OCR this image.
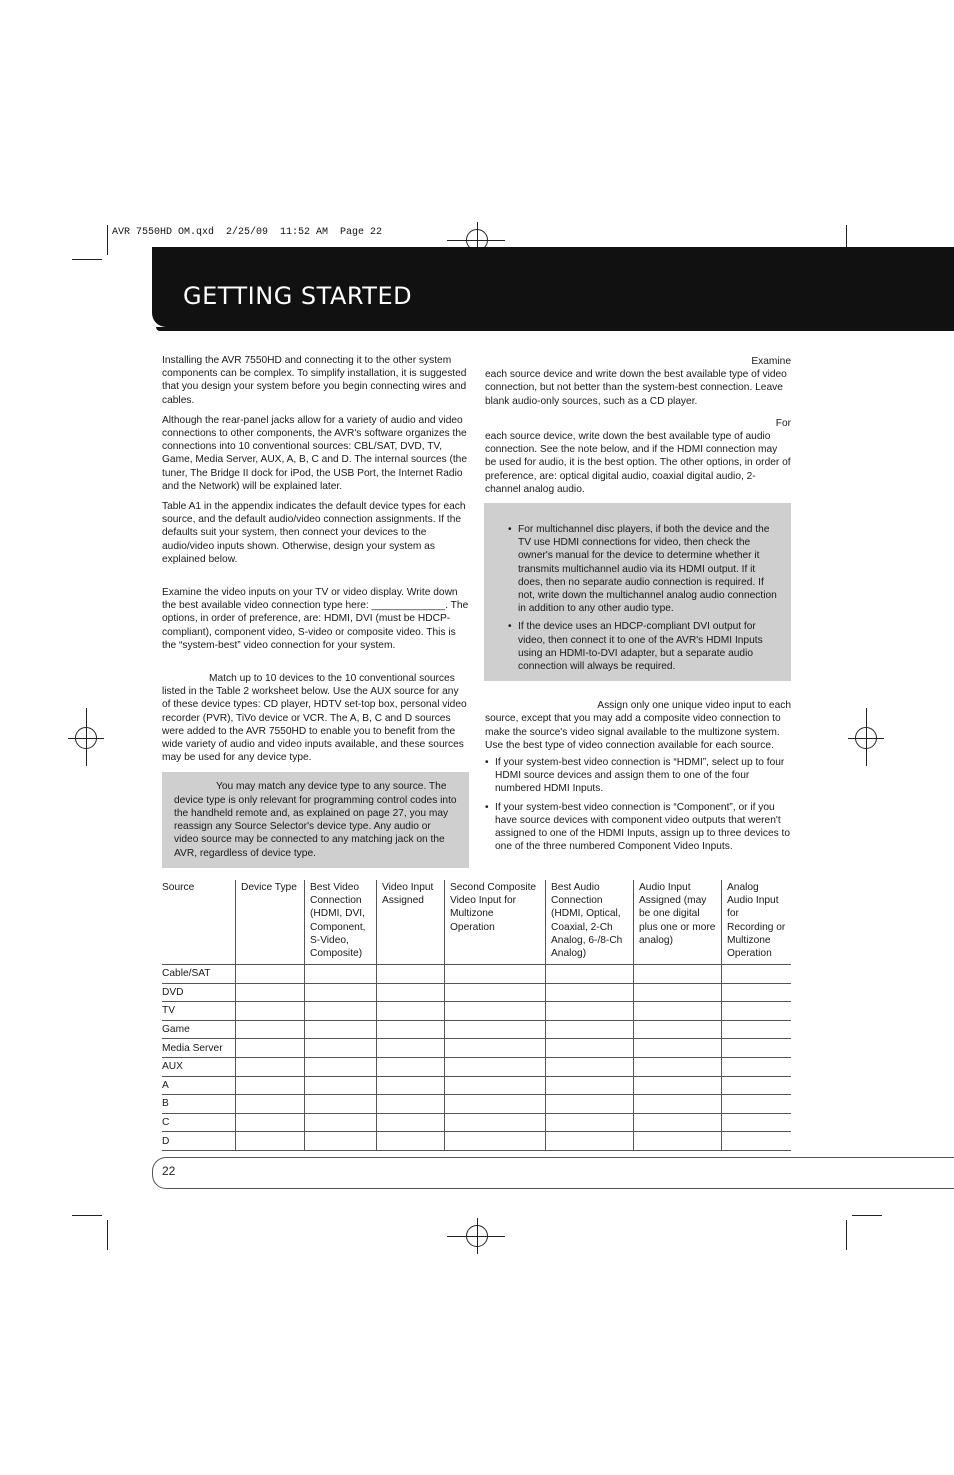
AVR 7550HD OM.qxd  2/25/09  11:52 AM  Page 22
GETTING STARTED

Installing the AVR 7550HD and connecting it to the other system components can be complex. To simplify installation, it is suggested that you design your system before you begin connecting wires and cables.

Although the rear-panel jacks allow for a variety of audio and video connections to other components, the AVR's software organizes the connections into 10 conventional sources: CBL/SAT, DVD, TV, Game, Media Server, AUX, A, B, C and D. The internal sources (the tuner, The Bridge II dock for iPod, the USB Port, the Internet Radio and the Network) will be explained later.

Table A1 in the appendix indicates the default device types for each source, and the default audio/video connection assignments. If the defaults suit your system, then connect your devices to the audio/video inputs shown. Otherwise, design your system as explained below.

Examine the video inputs on your TV or video display. Write down the best available video connection type here: _____________. The options, in order of preference, are: HDMI, DVI (must be HDCP-compliant), component video, S-video or composite video. This is the “system-best” video connection for your system.

Match up to 10 devices to the 10 conventional sources listed in the Table 2 worksheet below. Use the AUX source for any of these device types: CD player, HDTV set-top box, personal video recorder (PVR), TiVo device or VCR. The A, B, C and D sources were added to the AVR 7550HD to enable you to benefit from the wide variety of audio and video inputs available, and these sources may be used for any device type.

You may match any device type to any source. The device type is only relevant for programming control codes into the handheld remote and, as explained on page 27, you may reassign any Source Selector's device type. Any audio or video source may be connected to any matching jack on the AVR, regardless of device type.

Examine

each source device and write down the best available type of video connection, but not better than the system-best connection. Leave blank audio-only sources, such as a CD player.

For

each source device, write down the best available type of audio connection. See the note below, and if the HDMI connection may be used for audio, it is the best option. The other options, in order of preference, are: optical digital audio, coaxial digital audio, 2-channel analog audio.

• For multichannel disc players, if both the device and the TV use HDMI connections for video, then check the owner's manual for the device to determine whether it transmits multichannel audio via its HDMI output. If it does, then no separate audio connection is required. If not, write down the multichannel analog audio connection in addition to any other audio type.
• If the device uses an HDCP-compliant DVI output for video, then connect it to one of the AVR's HDMI Inputs using an HDMI-to-DVI adapter, but a separate audio connection will always be required.

Assign only one unique video input to each

source, except that you may add a composite video connection to make the source's video signal available to the multizone system. Use the best type of video connection available for each source.

• If your system-best video connection is “HDMI”, select up to four HDMI source devices and assign them to one of the four numbered HDMI Inputs.
• If your system-best video connection is “Component”, or if you have source devices with component video outputs that weren't assigned to one of the HDMI Inputs, assign up to three devices to one of the three numbered Component Video Inputs.
Source	Device Type	Best Video Connection (HDMI, DVI, Component, S-Video, Composite)	Video Input Assigned	Second Composite Video Input for Multizone Operation	Best Audio Connection (HDMI, Optical, Coaxial, 2-Ch Analog, 6-/8-Ch Analog)	Audio Input Assigned (may be one digital plus one or more analog)	Analog Audio Input for Recording or Multizone Operation
Cable/SAT							
DVD							
TV							
Game							
Media Server							
AUX							
A							
B							
C							
D							
22
